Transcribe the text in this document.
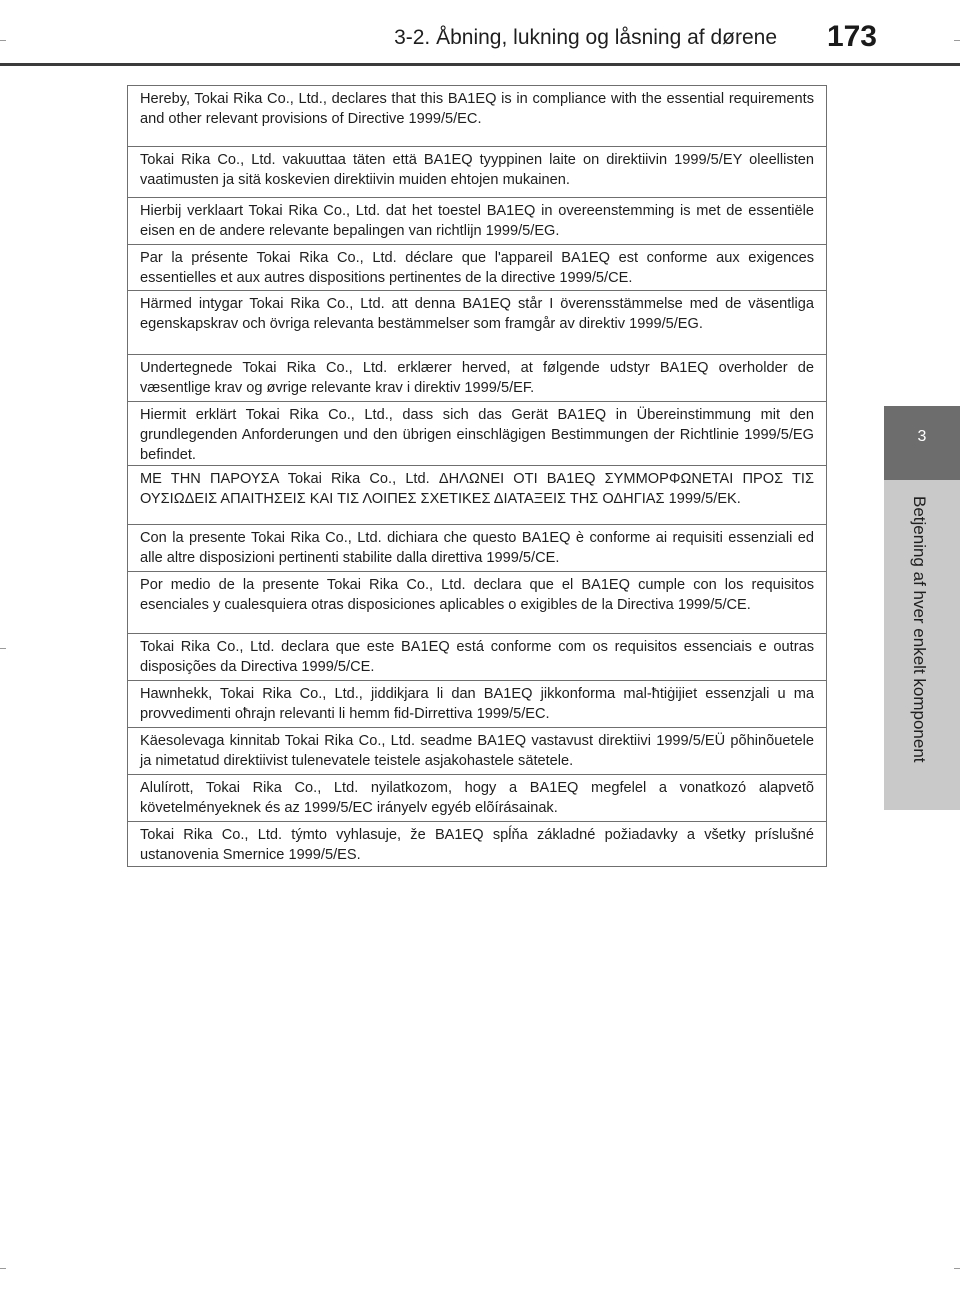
3-2. Åbning, lukning og låsning af dørene 173
3
Betjening af hver enkelt komponent

Hereby, Tokai Rika Co., Ltd., declares that this BA1EQ is in compliance with the essential requirements and other relevant provisions of Directive 1999/5/EC.

Tokai Rika Co., Ltd. vakuuttaa täten että BA1EQ tyyppinen laite on direktiivin 1999/5/EY oleellisten vaatimusten ja sitä koskevien direktiivin muiden ehtojen mukainen.

Hierbij verklaart Tokai Rika Co., Ltd. dat het toestel BA1EQ in overeenstemming is met de essentiële eisen en de andere relevante bepalingen van richtlijn 1999/5/EG.

Par la présente Tokai Rika Co., Ltd. déclare que l'appareil BA1EQ est conforme aux exigences essentielles et aux autres dispositions pertinentes de la directive 1999/5/CE.

Härmed intygar Tokai Rika Co., Ltd. att denna BA1EQ står I överensstämmelse med de väsentliga egenskapskrav och övriga relevanta bestämmelser som framgår av direktiv 1999/5/EG.

Undertegnede Tokai Rika Co., Ltd. erklærer herved, at følgende udstyr BA1EQ overholder de væsentlige krav og øvrige relevante krav i direktiv 1999/5/EF.

Hiermit erklärt Tokai Rika Co., Ltd., dass sich das Gerät BA1EQ in Übereinstimmung mit den grundlegenden Anforderungen und den übrigen einschlägigen Bestimmungen der Richtlinie 1999/5/EG befindet.

ΜΕ ΤΗΝ ΠΑΡΟΥΣΑ Tokai Rika Co., Ltd. ΔΗΛΩΝΕΙ ΟΤΙ BA1EQ ΣΥΜΜΟΡΦΩΝΕΤΑΙ ΠΡΟΣ ΤΙΣ ΟΥΣΙΩΔΕΙΣ ΑΠΑΙΤΗΣΕΙΣ ΚΑΙ ΤΙΣ ΛΟΙΠΕΣ ΣΧΕΤΙΚΕΣ ΔΙΑΤΑΞΕΙΣ ΤΗΣ ΟΔΗΓΙΑΣ 1999/5/ΕΚ.

Con la presente Tokai Rika Co., Ltd. dichiara che questo BA1EQ è conforme ai requisiti essenziali ed alle altre disposizioni pertinenti stabilite dalla direttiva 1999/5/CE.

Por medio de la presente Tokai Rika Co., Ltd. declara que el BA1EQ cumple con los requisitos esenciales y cualesquiera otras disposiciones aplicables o exigibles de la Directiva 1999/5/CE.

Tokai Rika Co., Ltd. declara que este BA1EQ está conforme com os requisitos essenciais e outras disposições da Directiva 1999/5/CE.

Hawnhekk, Tokai Rika Co., Ltd., jiddikjara li dan BA1EQ jikkonforma mal-ħtiġijiet essenzjali u ma provvedimenti oħrajn relevanti li hemm fid-Dirrettiva 1999/5/EC.

Käesolevaga kinnitab Tokai Rika Co., Ltd. seadme BA1EQ vastavust direktiivi 1999/5/EÜ põhinõuetele ja nimetatud direktiivist tulenevatele teistele asjakohastele sätetele.

Alulírott, Tokai Rika Co., Ltd. nyilatkozom, hogy a BA1EQ megfelel a vonatkozó alapvetõ követelményeknek és az 1999/5/EC irányelv egyéb elõírásainak.

Tokai Rika Co., Ltd. týmto vyhlasuje, že BA1EQ spĺňa základné požiadavky a všetky príslušné ustanovenia Smernice 1999/5/ES.
